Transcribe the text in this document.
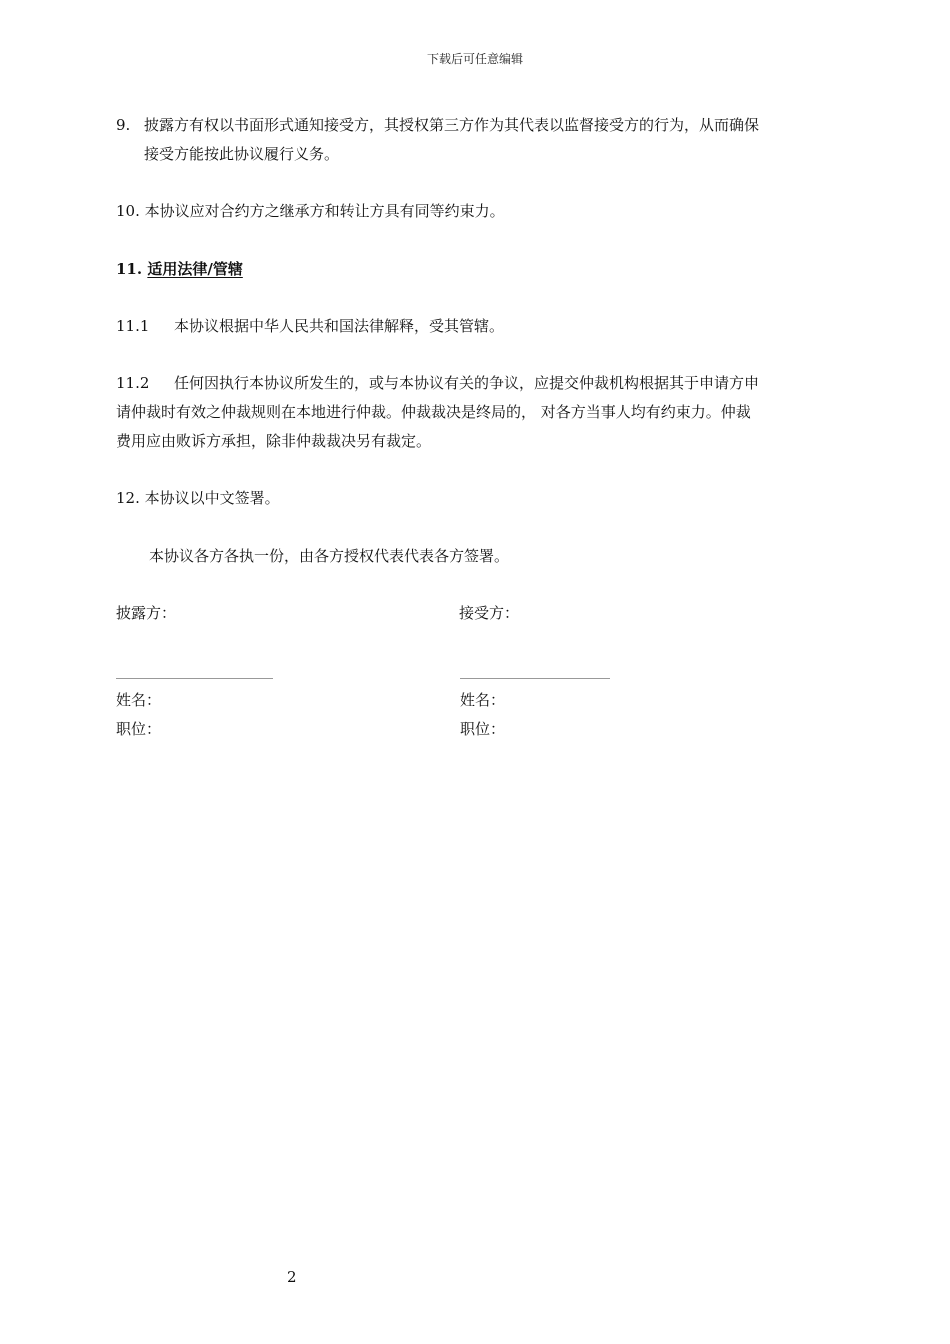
下载后可任意编辑
9. 披露方有权以书面形式通知接受方，其授权第三方作为其代表以监督接受方的行为，从而确保
接受方能按此协议履行义务。
10. 本协议应对合约方之继承方和转让方具有同等约束力。
11. 适用法律/管辖
11.1 本协议根据中华人民共和国法律解释，受其管辖。
11.2 任何因执行本协议所发生的，或与本协议有关的争议，应提交仲裁机构根据其于申请方申
请仲裁时有效之仲裁规则在本地进行仲裁。仲裁裁决是终局的， 对各方当事人均有约束力。仲裁
费用应由败诉方承担，除非仲裁裁决另有裁定。
12. 本协议以中文签署。
本协议各方各执一份，由各方授权代表代表各方签署。
披露方：	接受方：
姓名：	姓名：
职位：	职位：
2
